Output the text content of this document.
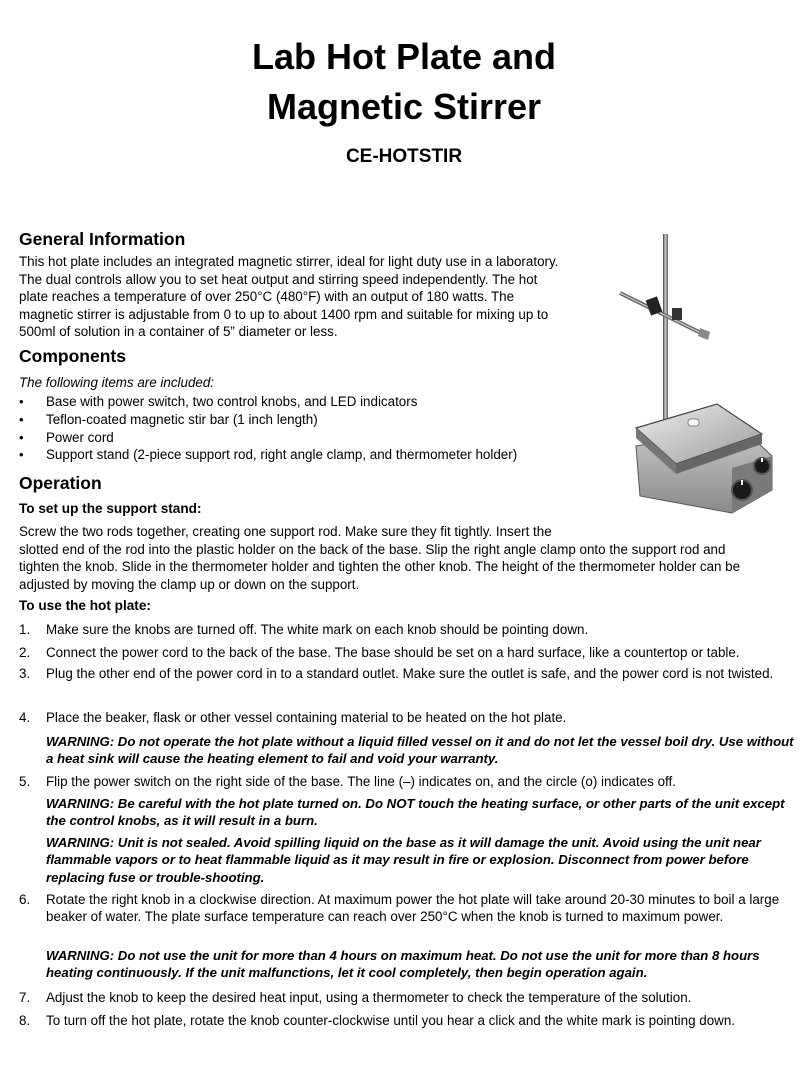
Lab Hot Plate and
Magnetic Stirrer
CE-HOTSTIR
General Information
This hot plate includes an integrated magnetic stirrer, ideal for light duty use in a laboratory.
The dual controls allow you to set heat output and stirring speed independently. The hot
plate reaches a temperature of over 250°C (480°F) with an output of 180 watts. The
magnetic stirrer is adjustable from 0 to up to about 1400 rpm and suitable for mixing up to
500ml of solution in a container of 5” diameter or less.
Components
The following items are included:
• Base with power switch, two control knobs, and LED indicators
• Teflon-coated magnetic stir bar (1 inch length)
• Power cord
• Support stand (2-piece support rod, right angle clamp, and thermometer holder)
Operation
To set up the support stand:
Screw the two rods together, creating one support rod. Make sure they fit tightly. Insert the
slotted end of the rod into the plastic holder on the back of the base. Slip the right angle clamp onto the support rod and
tighten the knob. Slide in the thermometer holder and tighten the other knob. The height of the thermometer holder can be
adjusted by moving the clamp up or down on the support.
To use the hot plate:
1. Make sure the knobs are turned off. The white mark on each knob should be pointing down.
2. Connect the power cord to the back of the base. The base should be set on a hard surface, like a countertop or table.
3. Plug the other end of the power cord in to a standard outlet. Make sure the outlet is safe, and the power cord is not twisted.
4. Place the beaker, flask or other vessel containing material to be heated on the hot plate.
WARNING: Do not operate the hot plate without a liquid filled vessel on it and do not let the vessel boil dry. Use without a heat sink will cause the heating element to fail and void your warranty.
5. Flip the power switch on the right side of the base. The line (–) indicates on, and the circle (o) indicates off.
WARNING: Be careful with the hot plate turned on. Do NOT touch the heating surface, or other parts of the unit except the control knobs, as it will result in a burn.
WARNING: Unit is not sealed. Avoid spilling liquid on the base as it will damage the unit. Avoid using the unit near flammable vapors or to heat flammable liquid as it may result in fire or explosion. Disconnect from power before replacing fuse or trouble-shooting.
6. Rotate the right knob in a clockwise direction. At maximum power the hot plate will take around 20-30 minutes to boil a large beaker of water. The plate surface temperature can reach over 250°C when the knob is turned to maximum power.
WARNING: Do not use the unit for more than 4 hours on maximum heat. Do not use the unit for more than 8 hours heating continuously. If the unit malfunctions, let it cool completely, then begin operation again.
7. Adjust the knob to keep the desired heat input, using a thermometer to check the temperature of the solution.
8. To turn off the hot plate, rotate the knob counter-clockwise until you hear a click and the white mark is pointing down.
